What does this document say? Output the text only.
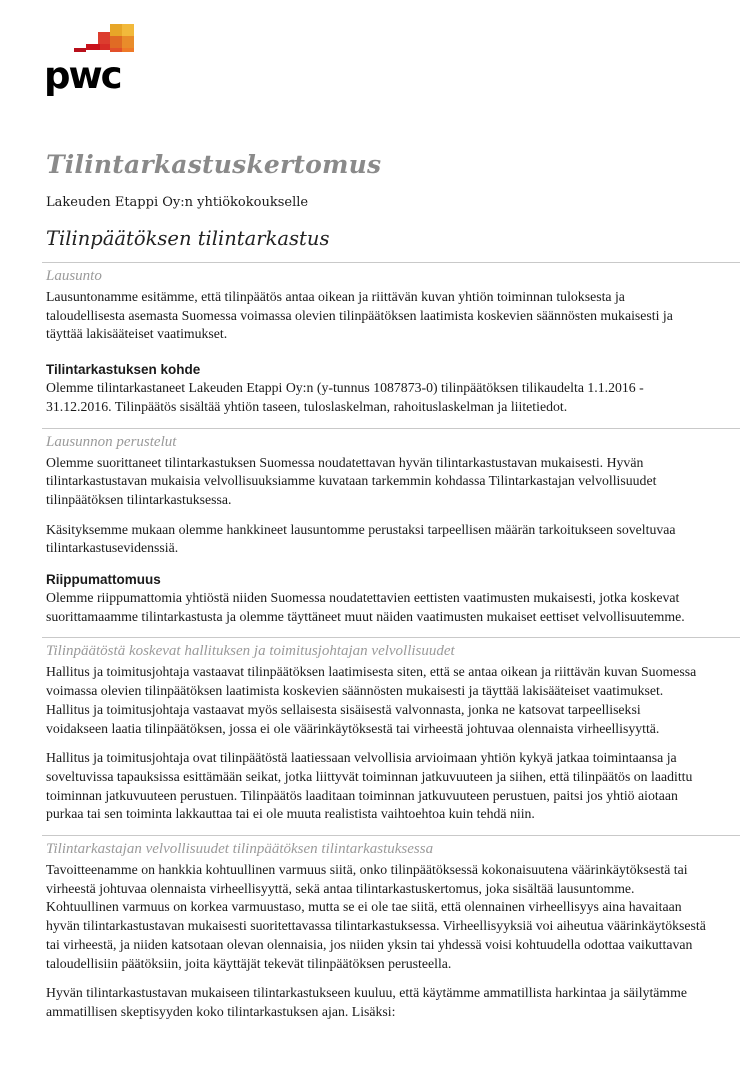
pwc
Tilintarkastuskertomus
Lakeuden Etappi Oy:n yhtiökokoukselle
Tilinpäätöksen tilintarkastus
Lausunto

Lausuntonamme esitämme, että tilinpäätös antaa oikean ja riittävän kuvan yhtiön toiminnan tuloksesta ja taloudellisesta asemasta Suomessa voimassa olevien tilinpäätöksen laatimista koskevien säännösten mukaisesti ja täyttää lakisääteiset vaatimukset.

Tilintarkastuksen kohde

Olemme tilintarkastaneet Lakeuden Etappi Oy:n (y-tunnus 1087873-0) tilinpäätöksen tilikaudelta 1.1.2016 - 31.12.2016. Tilinpäätös sisältää yhtiön taseen, tuloslaskelman, rahoituslaskelman ja liitetiedot.

Lausunnon perustelut

Olemme suorittaneet tilintarkastuksen Suomessa noudatettavan hyvän tilintarkastustavan mukaisesti. Hyvän tilintarkastustavan mukaisia velvollisuuksiamme kuvataan tarkemmin kohdassa Tilintarkastajan velvollisuudet tilinpäätöksen tilintarkastuksessa.

Käsityksemme mukaan olemme hankkineet lausuntomme perustaksi tarpeellisen määrän tarkoitukseen soveltuvaa tilintarkastusevidenssiä.

Riippumattomuus

Olemme riippumattomia yhtiöstä niiden Suomessa noudatettavien eettisten vaatimusten mukaisesti, jotka koskevat suorittamaamme tilintarkastusta ja olemme täyttäneet muut näiden vaatimusten mukaiset eettiset velvollisuutemme.

Tilinpäätöstä koskevat hallituksen ja toimitusjohtajan velvollisuudet

Hallitus ja toimitusjohtaja vastaavat tilinpäätöksen laatimisesta siten, että se antaa oikean ja riittävän kuvan Suomessa voimassa olevien tilinpäätöksen laatimista koskevien säännösten mukaisesti ja täyttää lakisääteiset vaatimukset. Hallitus ja toimitusjohtaja vastaavat myös sellaisesta sisäisestä valvonnasta, jonka ne katsovat tarpeelliseksi voidakseen laatia tilinpäätöksen, jossa ei ole väärinkäytöksestä tai virheestä johtuvaa olennaista virheellisyyttä.

Hallitus ja toimitusjohtaja ovat tilinpäätöstä laatiessaan velvollisia arvioimaan yhtiön kykyä jatkaa toimintaansa ja soveltuvissa tapauksissa esittämään seikat, jotka liittyvät toiminnan jatkuvuuteen ja siihen, että tilinpäätös on laadittu toiminnan jatkuvuuteen perustuen. Tilinpäätös laaditaan toiminnan jatkuvuuteen perustuen, paitsi jos yhtiö aiotaan purkaa tai sen toiminta lakkauttaa tai ei ole muuta realistista vaihtoehtoa kuin tehdä niin.

Tilintarkastajan velvollisuudet tilinpäätöksen tilintarkastuksessa

Tavoitteenamme on hankkia kohtuullinen varmuus siitä, onko tilinpäätöksessä kokonaisuutena väärinkäytöksestä tai virheestä johtuvaa olennaista virheellisyyttä, sekä antaa tilintarkastuskertomus, joka sisältää lausuntomme. Kohtuullinen varmuus on korkea varmuustaso, mutta se ei ole tae siitä, että olennainen virheellisyys aina havaitaan hyvän tilintarkastustavan mukaisesti suoritettavassa tilintarkastuksessa. Virheellisyyksiä voi aiheutua väärinkäytöksestä tai virheestä, ja niiden katsotaan olevan olennaisia, jos niiden yksin tai yhdessä voisi kohtuudella odottaa vaikuttavan taloudellisiin päätöksiin, joita käyttäjät tekevät tilinpäätöksen perusteella.

Hyvän tilintarkastustavan mukaiseen tilintarkastukseen kuuluu, että käytämme ammatillista harkintaa ja säilytämme ammatillisen skeptisyyden koko tilintarkastuksen ajan. Lisäksi:
